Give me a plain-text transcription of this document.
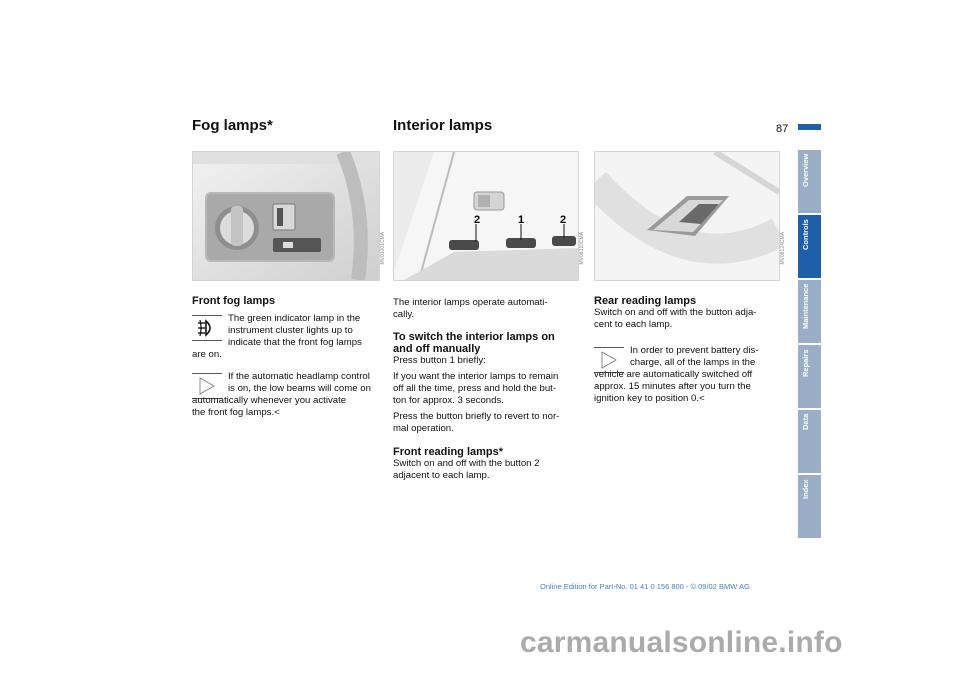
Fog lamps*	Interior lamps	87
MV01001CMA
2	1	2
MV08310CMA	MV08124CMA
Front fog lamps
The green indicator lamp in the
instrument cluster lights up to
indicate that the front fog lamps
are on.
If the automatic headlamp control
is on, the low beams will come on
automatically whenever you activate
the front fog lamps.<
The interior lamps operate automati-
cally.
To switch the interior lamps on
and off manually
Press button 1 briefly:
If you want the interior lamps to remain
off all the time, press and hold the but-
ton for approx. 3 seconds.
Press the button briefly to revert to nor-
mal operation.
Front reading lamps*
Switch on and off with the button 2
adjacent to each lamp.
Rear reading lamps
Switch on and off with the button adja-
cent to each lamp.
In order to prevent battery dis-
charge, all of the lamps in the
vehicle are automatically switched off
approx. 15 minutes after you turn the
ignition key to position 0.<
Overview
Controls
Maintenance
Repairs
Data
Index
Online Edition for Part-No. 01 41 0 156 800 - © 09/02 BMW AG
carmanualsonline.info
